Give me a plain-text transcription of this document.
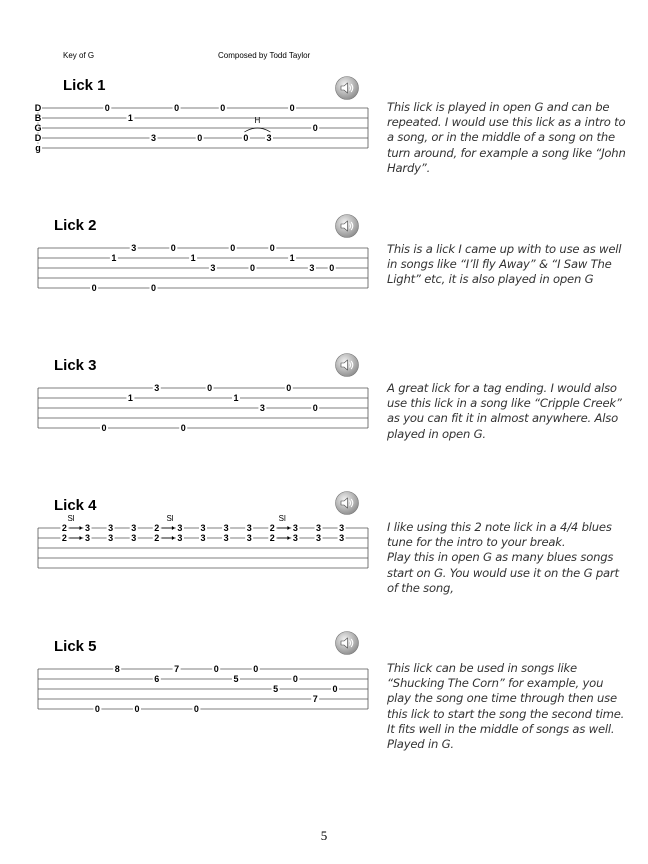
Key of G	Composed by Todd Taylor
Lick 1
Lick 2
Lick 3
Lick 4
Lick 5
D
B
G
D
g
0
1
3
0
0
0
0 3
0
0
H
0
1
3
0
0
1
3
0
0
0
1
3 0
0
1
3
0
0
1
3
0
0
2
2
3
3
3
3
3
3
2
2
3
3
3
3
3
3
3
3
2
2
3
3
3
3
3
3
Sl	Sl	Sl
0
8
0
6
7
0
0
5
0
5
0
7
0
This lick is played in open G and can be repeated. I would use this lick as a intro to a song, or in the middle of a song on the turn around, for example a song like “John Hardy”.
This is a lick I came up with to use as well in songs like “I’ll fly Away” & “I Saw The Light” etc, it is also played in open G
A great lick for a tag ending. I would also use this lick in a song like “Cripple Creek” as you can fit it in almost anywhere. Also played in open G.
I like using this 2 note lick in a 4/4 blues tune for the intro to your break.
Play this in open G as many blues songs start on G. You would use it on the G part of the song,
This lick can be used in songs like “Shucking The Corn” for example, you play the song one time through then use this lick to start the song the second time. It fits well in the middle of songs as well. Played in G.
5
